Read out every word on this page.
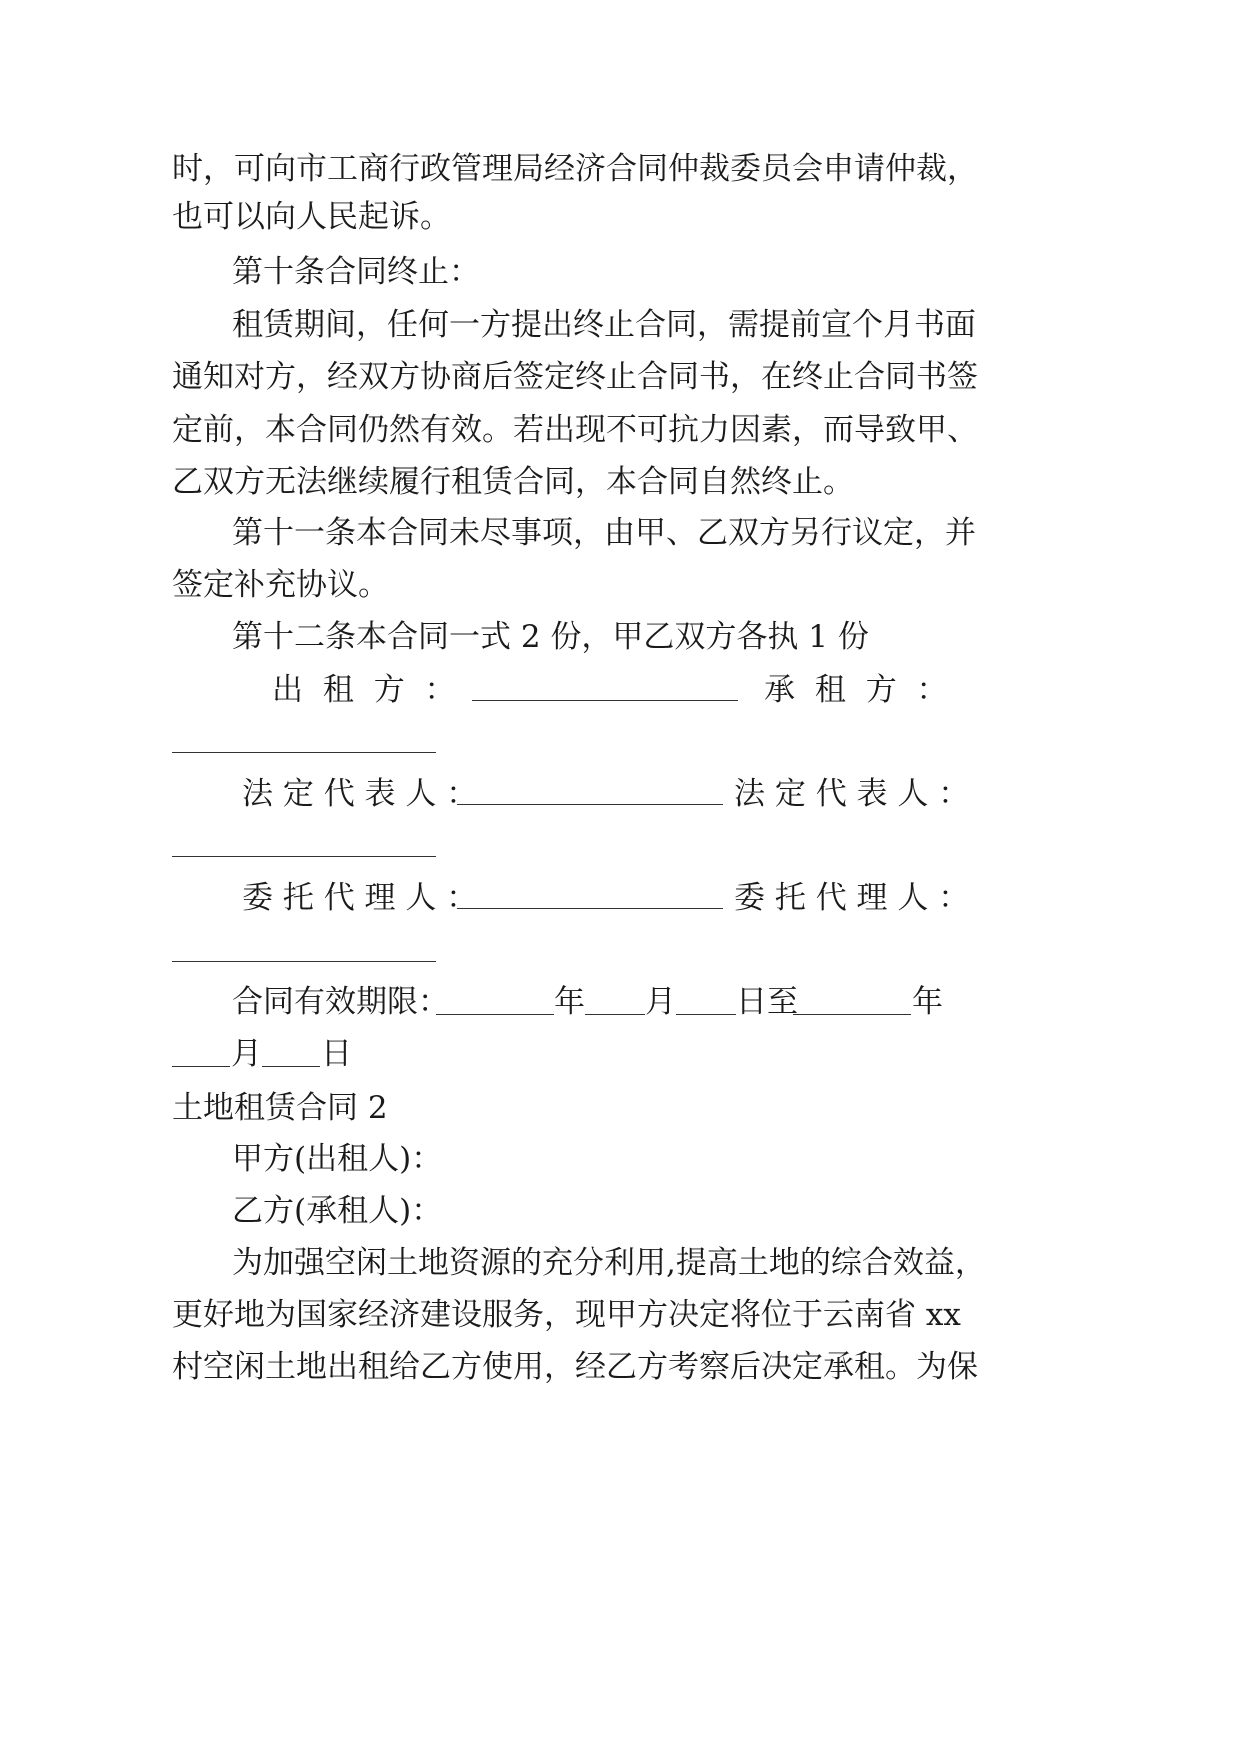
时，可向市工商行政管理局经济合同仲裁委员会申请仲裁，
也可以向人民起诉。
第十条合同终止：
租赁期间，任何一方提出终止合同，需提前宣个月书面
通知对方，经双方协商后签定终止合同书，在终止合同书签
定前，本合同仍然有效。若出现不可抗力因素，而导致甲、
乙双方无法继续履行租赁合同，本合同自然终止。
第十一条本合同未尽事项，由甲、乙双方另行议定，并
签定补充协议。
第十二条本合同一式 2 份，甲乙双方各执 1 份
出 租 方 ：	承 租 方 ：
法 定 代 表 人 ：	法 定 代 表 人 ：
委 托 代 理 人 ：	委 托 代 理 人 ：
合同有效期限：	年 月 日至	年
月 日
土地租赁合同 2
甲方(出租人)：
乙方(承租人)：
为加强空闲土地资源的充分利用,提高土地的综合效益，
更好地为国家经济建设服务，现甲方决定将位于云南省 xx
村空闲土地出租给乙方使用，经乙方考察后决定承租。为保
